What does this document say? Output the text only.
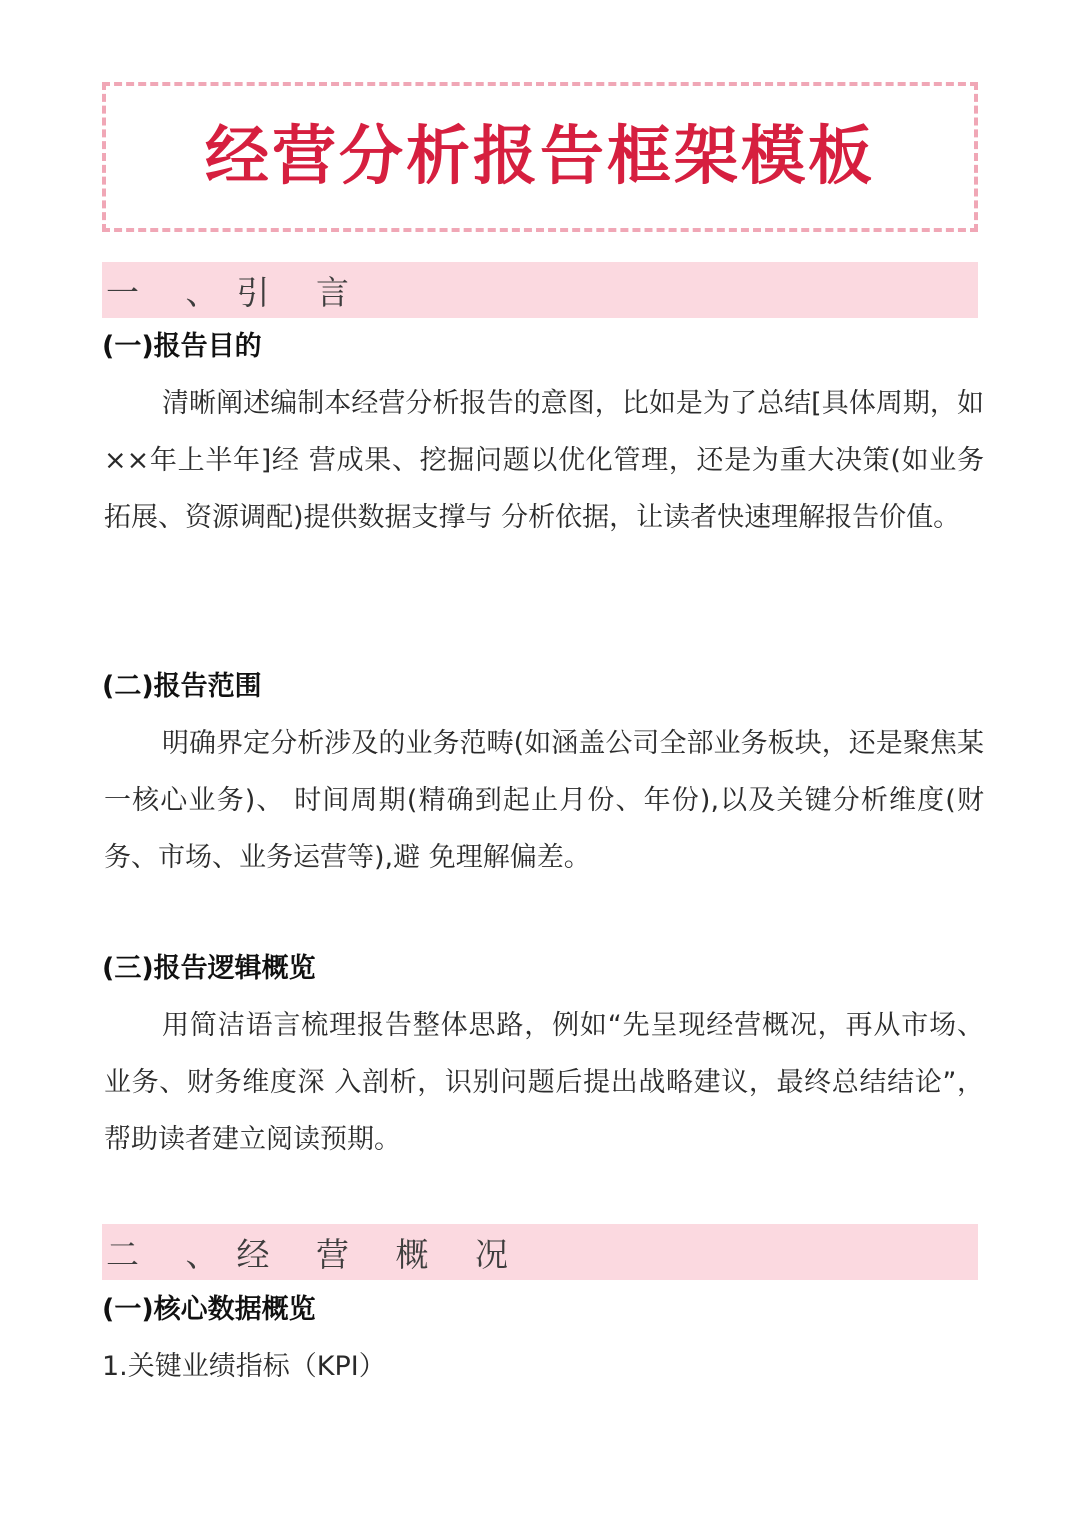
经营分析报告框架模板
一 、引 言
(一)报告目的
清晰阐述编制本经营分析报告的意图，比如是为了总结[具体周期，如××年上半年]经 营成果、挖掘问题以优化管理，还是为重大决策(如业务拓展、资源调配)提供数据支撑与 分析依据，让读者快速理解报告价值。
(二)报告范围
明确界定分析涉及的业务范畴(如涵盖公司全部业务板块，还是聚焦某一核心业务)、 时间周期(精确到起止月份、年份),以及关键分析维度(财务、市场、业务运营等),避 免理解偏差。
(三)报告逻辑概览
用简洁语言梳理报告整体思路，例如“先呈现经营概况，再从市场、业务、财务维度深 入剖析，识别问题后提出战略建议，最终总结结论”，帮助读者建立阅读预期。
二 、经 营 概 况
(一)核心数据概览
1.关键业绩指标（KPI）
